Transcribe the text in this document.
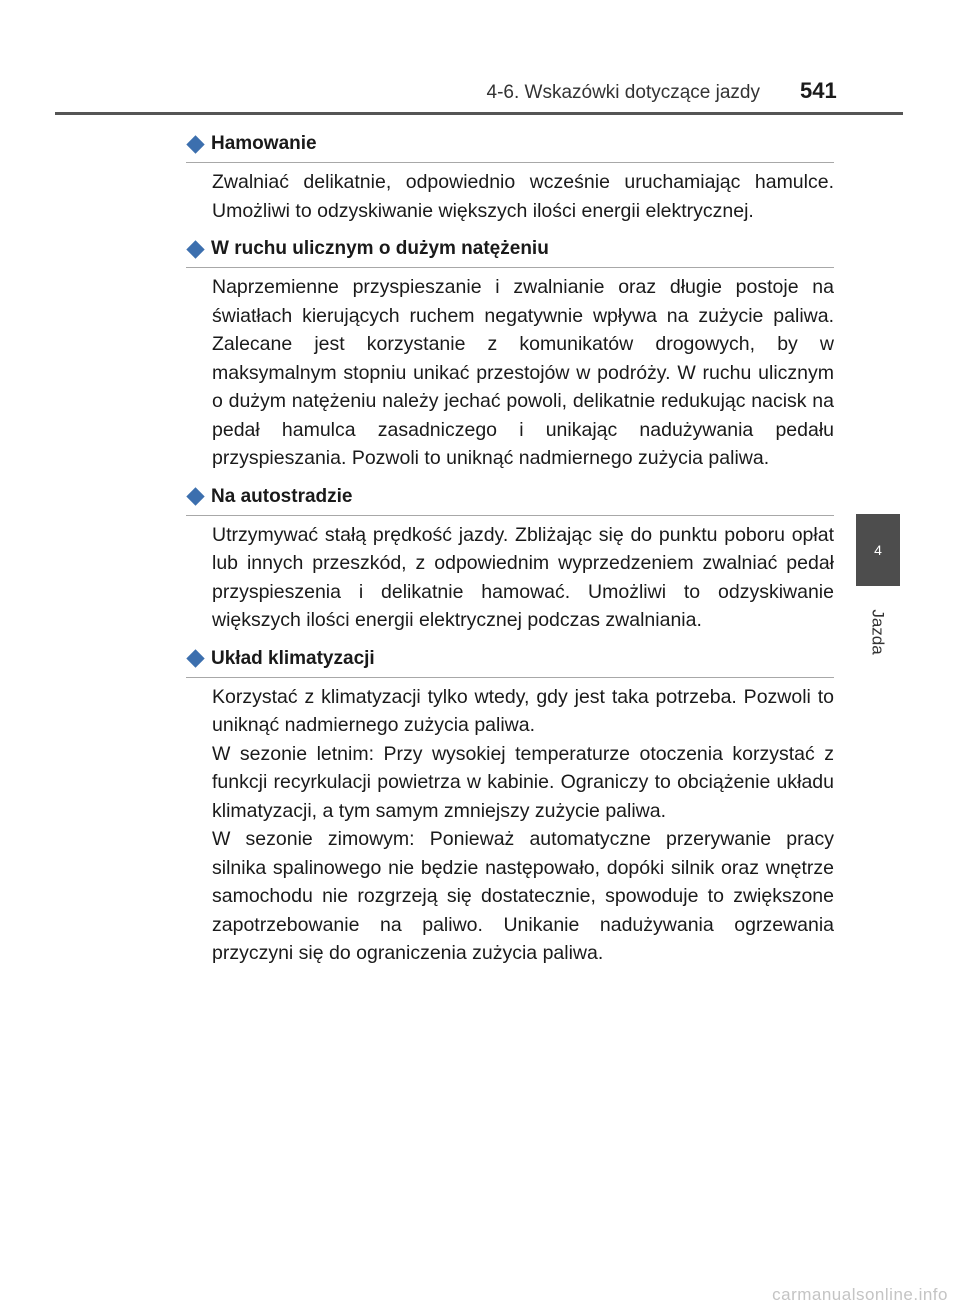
4-6. Wskazówki dotyczące jazdy 541
4
Jazda
Hamowanie

Zwalniać delikatnie, odpowiednio wcześnie uruchamiając hamulce. Umożliwi to odzyskiwanie większych ilości energii elektrycznej.

W ruchu ulicznym o dużym natężeniu

Naprzemienne przyspieszanie i zwalnianie oraz długie postoje na światłach kierujących ruchem negatywnie wpływa na zużycie paliwa. Zalecane jest korzystanie z komunikatów drogowych, by w maksymalnym stopniu unikać przestojów w podróży. W ruchu ulicznym o dużym natężeniu należy jechać powoli, delikatnie redukując nacisk na pedał hamulca zasadniczego i unikając nadużywania pedału przyspieszania. Pozwoli to uniknąć nadmiernego zużycia paliwa.

Na autostradzie

Utrzymywać stałą prędkość jazdy. Zbliżając się do punktu poboru opłat lub innych przeszkód, z odpowiednim wyprzedzeniem zwalniać pedał przyspieszenia i delikatnie hamować. Umożliwi to odzyskiwanie większych ilości energii elektrycznej podczas zwalniania.

Układ klimatyzacji

Korzystać z klimatyzacji tylko wtedy, gdy jest taka potrzeba. Pozwoli to uniknąć nadmiernego zużycia paliwa.

W sezonie letnim: Przy wysokiej temperaturze otoczenia korzystać z funkcji recyrkulacji powietrza w kabinie. Ograniczy to obciążenie układu klimatyzacji, a tym samym zmniejszy zużycie paliwa.

W sezonie zimowym: Ponieważ automatyczne przerywanie pracy silnika spalinowego nie będzie następowało, dopóki silnik oraz wnętrze samochodu nie rozgrzeją się dostatecznie, spowoduje to zwiększone zapotrzebowanie na paliwo. Unikanie nadużywania ogrzewania przyczyni się do ograniczenia zużycia paliwa.

carmanualsonline.info
